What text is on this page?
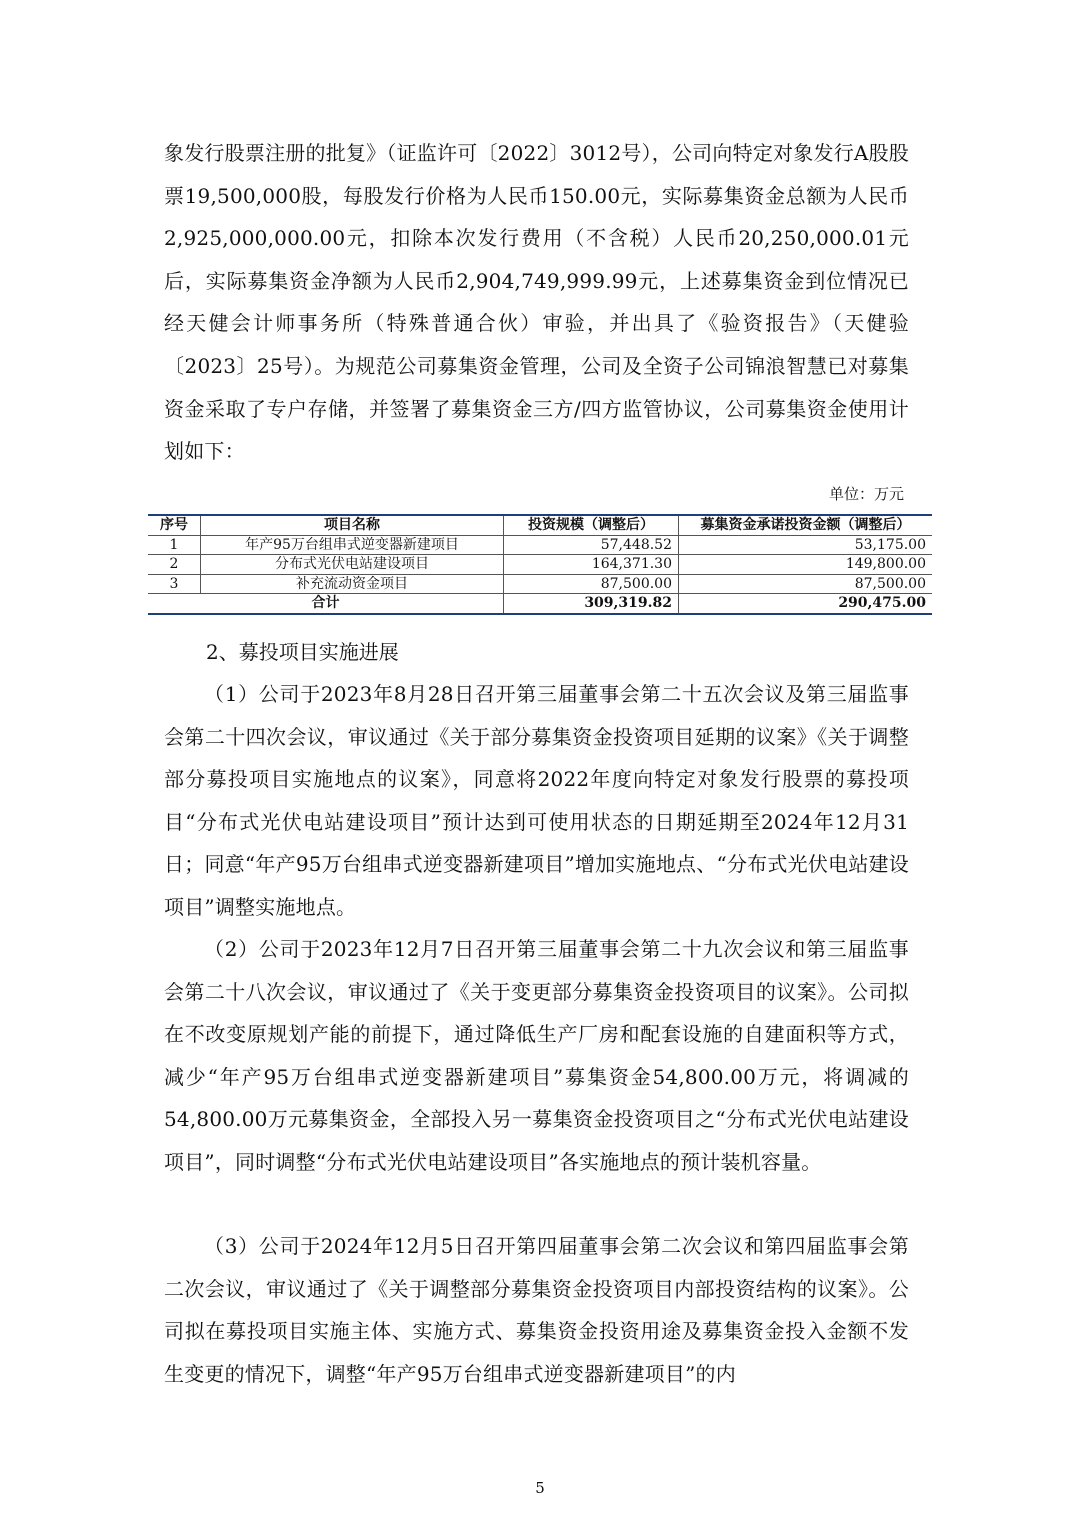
象发行股票注册的批复》（证监许可〔2022〕3012号），公司向特定对象发行A股股票19,500,000股，每股发行价格为人民币150.00元，实际募集资金总额为人民币2,925,000,000.00元，扣除本次发行费用（不含税）人民币20,250,000.01元后，实际募集资金净额为人民币2,904,749,999.99元，上述募集资金到位情况已经天健会计师事务所（特殊普通合伙）审验，并出具了《验资报告》（天健验〔2023〕25号）。为规范公司募集资金管理，公司及全资子公司锦浪智慧已对募集资金采取了专户存储，并签署了募集资金三方/四方监管协议，公司募集资金使用计划如下：

单位：万元
序号	项目名称	投资规模（调整后）	募集资金承诺投资金额（调整后）
1	年产95万台组串式逆变器新建项目	57,448.52	53,175.00
2	分布式光伏电站建设项目	164,371.30	149,800.00
3	补充流动资金项目	87,500.00	87,500.00
合计		309,319.82	290,475.00
2、募投项目实施进展

（1）公司于2023年8月28日召开第三届董事会第二十五次会议及第三届监事会第二十四次会议，审议通过《关于部分募集资金投资项目延期的议案》《关于调整部分募投项目实施地点的议案》，同意将2022年度向特定对象发行股票的募投项目“分布式光伏电站建设项目”预计达到可使用状态的日期延期至2024年12月31日；同意“年产95万台组串式逆变器新建项目”增加实施地点、“分布式光伏电站建设项目”调整实施地点。

（2）公司于2023年12月7日召开第三届董事会第二十九次会议和第三届监事会第二十八次会议，审议通过了《关于变更部分募集资金投资项目的议案》。公司拟在不改变原规划产能的前提下，通过降低生产厂房和配套设施的自建面积等方式，减少“年产95万台组串式逆变器新建项目”募集资金54,800.00万元，将调减的54,800.00万元募集资金，全部投入另一募集资金投资项目之“分布式光伏电站建设项目”，同时调整“分布式光伏电站建设项目”各实施地点的预计装机容量。

（3）公司于2024年12月5日召开第四届董事会第二次会议和第四届监事会第二次会议，审议通过了《关于调整部分募集资金投资项目内部投资结构的议案》。公司拟在募投项目实施主体、实施方式、募集资金投资用途及募集资金投入金额不发生变更的情况下，调整“年产95万台组串式逆变器新建项目”的内

5
